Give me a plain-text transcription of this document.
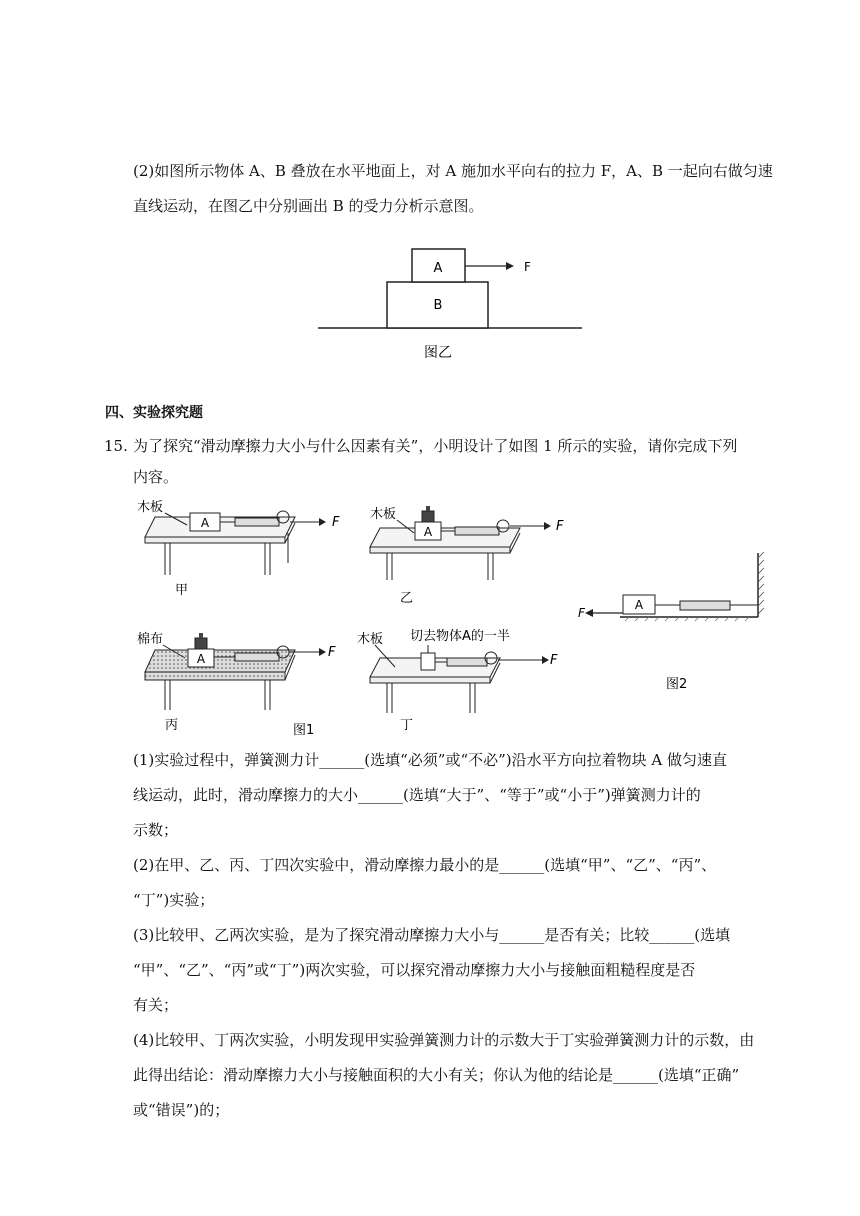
(2)如图所示物体 A、B 叠放在水平地面上，对 A 施加水平向右的拉力 F，A、B 一起向右做匀速
直线运动，在图乙中分别画出 B 的受力分析示意图。
A
B
F
图乙
四、实验探究题
15. 为了探究“滑动摩擦力大小与什么因素有关”，小明设计了如图 1 所示的实验，请你完成下列
内容。
A	F
木板
甲
A	F
木板
乙
A	F
棉布
丙
F
木板 切去物体A的一半
丁
图1
A
F
图2
(1)实验过程中，弹簧测力计______(选填“必须”或“不必”)沿水平方向拉着物块 A 做匀速直
线运动，此时，滑动摩擦力的大小______(选填“大于”、“等于”或“小于”)弹簧测力计的
示数；
(2)在甲、乙、丙、丁四次实验中，滑动摩擦力最小的是______(选填“甲”、“乙”、“丙”、
“丁”)实验；
(3)比较甲、乙两次实验，是为了探究滑动摩擦力大小与______是否有关；比较______(选填
“甲”、“乙”、“丙”或“丁”)两次实验，可以探究滑动摩擦力大小与接触面粗糙程度是否
有关；
(4)比较甲、丁两次实验，小明发现甲实验弹簧测力计的示数大于丁实验弹簧测力计的示数，由
此得出结论：滑动摩擦力大小与接触面积的大小有关；你认为他的结论是______(选填“正确”
或“错误”)的；
